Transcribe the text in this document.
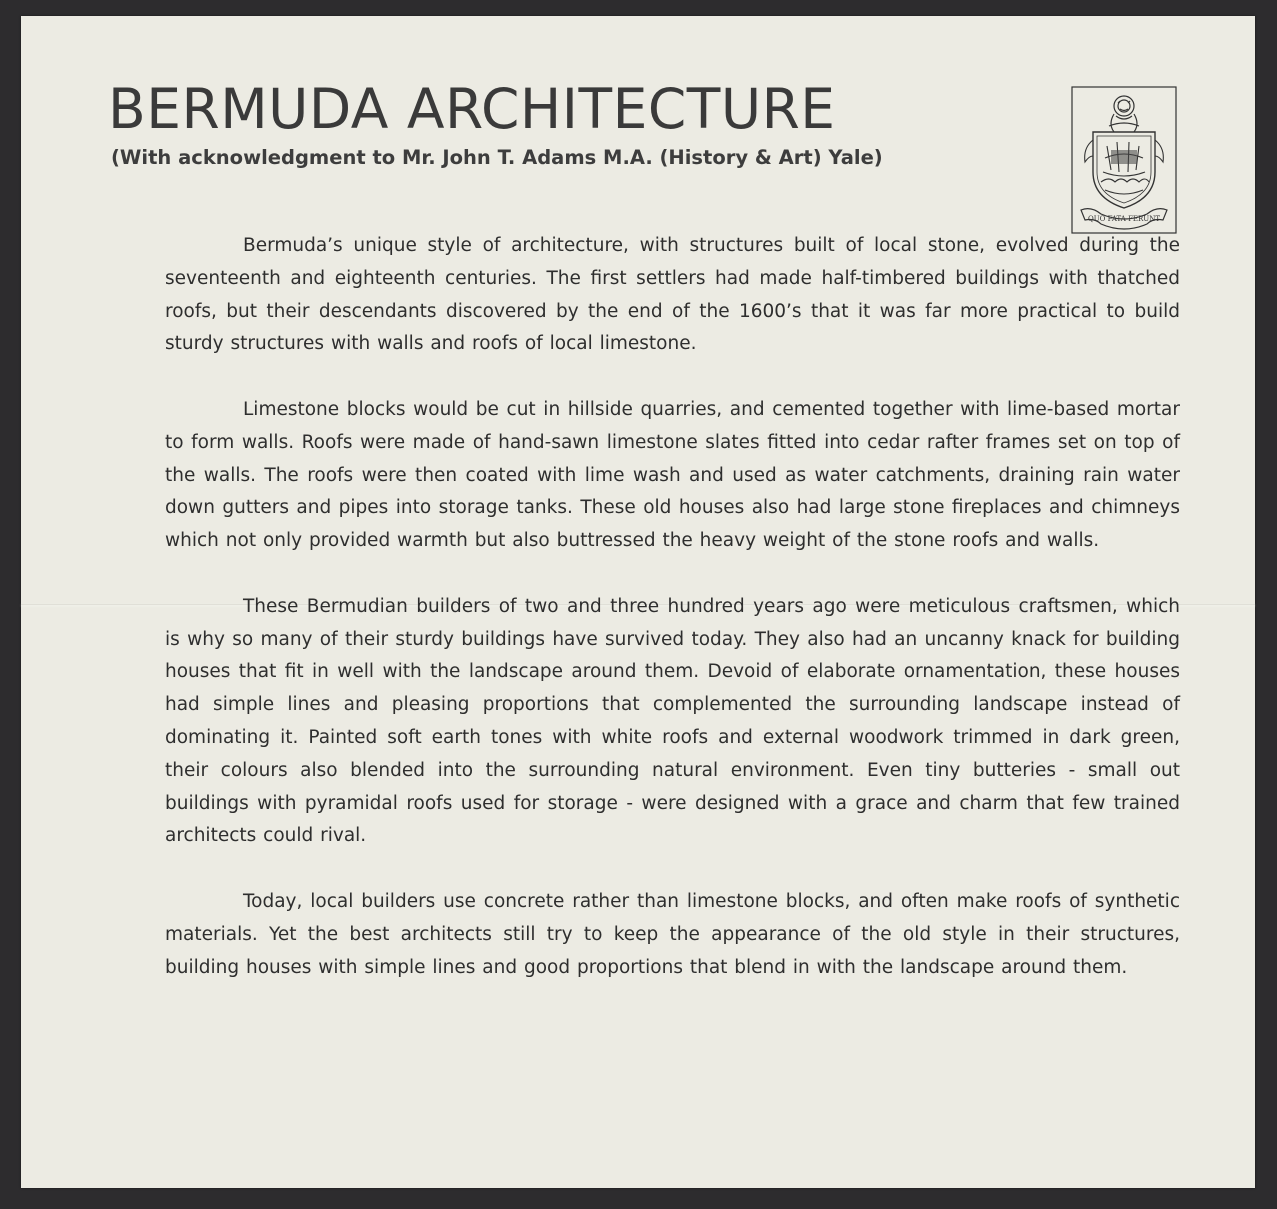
BERMUDA ARCHITECTURE
(With acknowledgment to Mr. John T. Adams M.A. (History & Art) Yale)
QUO FATA FERUNT

Bermuda’s unique style of architecture, with structures built of local stone, evolved during the seventeenth and eighteenth centuries. The first settlers had made half-timbered buildings with thatched roofs, but their descendants discovered by the end of the 1600’s that it was far more practical to build sturdy structures with walls and roofs of local limestone.

Limestone blocks would be cut in hillside quarries, and cemented together with lime-based mortar to form walls. Roofs were made of hand-sawn limestone slates fitted into cedar rafter frames set on top of the walls. The roofs were then coated with lime wash and used as water catchments, draining rain water down gutters and pipes into storage tanks. These old houses also had large stone fireplaces and chimneys which not only provided warmth but also buttressed the heavy weight of the stone roofs and walls.

These Bermudian builders of two and three hundred years ago were meticulous craftsmen, which is why so many of their sturdy buildings have survived today. They also had an uncanny knack for building houses that fit in well with the landscape around them. Devoid of elaborate ornamentation, these houses had simple lines and pleasing proportions that complemented the surrounding landscape instead of dominating it. Painted soft earth tones with white roofs and external woodwork trimmed in dark green, their colours also blended into the surrounding natural environment. Even tiny butteries - small out buildings with pyramidal roofs used for storage - were designed with a grace and charm that few trained architects could rival.

Today, local builders use concrete rather than limestone blocks, and often make roofs of synthetic materials. Yet the best architects still try to keep the appearance of the old style in their structures, building houses with simple lines and good proportions that blend in with the landscape around them.
